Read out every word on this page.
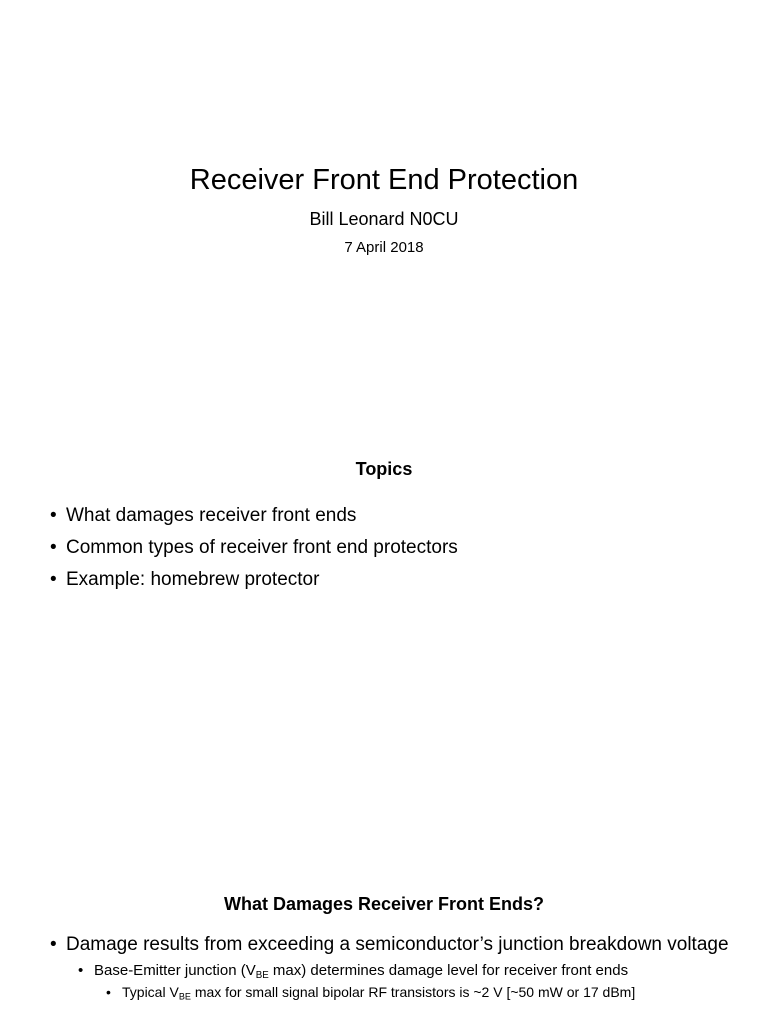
Receiver Front End Protection
Bill Leonard N0CU
7 April 2018
Topics
• What damages receiver front ends
• Common types of receiver front end protectors
• Example: homebrew protector
What Damages Receiver Front Ends?
• Damage results from exceeding a semiconductor’s junction breakdown voltage
• Base-Emitter junction ($V_{BE}$ max) determines damage level for receiver front ends
• Typical $V_{BE}$ max for small signal bipolar RF transistors is ~2 V [~50 mW or 17 dBm]
